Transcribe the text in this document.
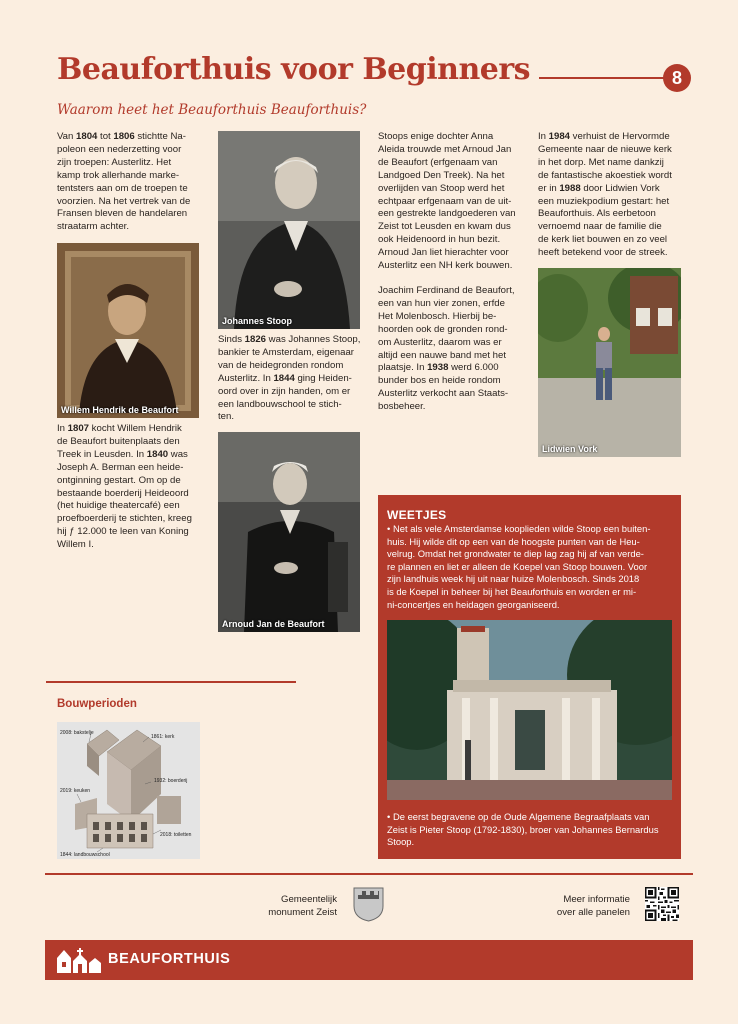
Beauforthuis voor Beginners	8
Waarom heet het Beauforthuis Beauforthuis?
Van 1804 tot 1806 stichtte Na-
poleon een nederzetting voor
zijn troepen: Austerlitz. Het
kamp trok allerhande marke-
tentsters aan om de troepen te
voorzien. Na het vertrek van de
Fransen bleven de handelaren
straatarm achter.
Willem Hendrik de Beaufort
In 1807 kocht Willem Hendrik
de Beaufort buitenplaats den
Treek in Leusden. In 1840 was
Joseph A. Berman een heide-
ontginning gestart. Om op de
bestaande boerderij Heideoord
(het huidige theatercafé) een
proefboerderij te stichten, kreeg
hij ƒ 12.000 te leen van Koning
Willem I.
Johannes Stoop
Sinds 1826 was Johannes Stoop,
bankier te Amsterdam, eigenaar
van de heidegronden rondom
Austerlitz. In 1844 ging Heiden-
oord over in zijn handen, om er
een landbouwschool te stich-
ten.
Arnoud Jan de Beaufort
Stoops enige dochter Anna
Aleida trouwde met Arnoud Jan
de Beaufort (erfgenaam van
Landgoed Den Treek). Na het
overlijden van Stoop werd het
echtpaar erfgenaam van de uit-
een gestrekte landgoederen van
Zeist tot Leusden en kwam dus
ook Heidenoord in hun bezit.
Arnoud Jan liet hierachter voor
Austerlitz een NH kerk bouwen.
Joachim Ferdinand de Beaufort,
een van hun vier zonen, erfde
Het Molenbosch. Hierbij be-
hoorden ook de gronden rond-
om Austerlitz, daarom was er
altijd een nauwe band met het
plaatsje. In 1938 werd 6.000
bunder bos en heide rondom
Austerlitz verkocht aan Staats-
bosbeheer.
In 1984 verhuist de Hervormde
Gemeente naar de nieuwe kerk
in het dorp. Met name dankzij
de fantastische akoestiek wordt
er in 1988 door Lidwien Vork
een muziekpodium gestart: het
Beauforthuis. Als eerbetoon
vernoemd naar de familie die
de kerk liet bouwen en zo veel
heeft betekend voor de streek.
Lidwien Vork
WEETJES
• Net als vele Amsterdamse kooplieden wilde Stoop een buiten-
huis. Hij wilde dit op een van de hoogste punten van de Heu-
velrug. Omdat het grondwater te diep lag zag hij af van verde-
re plannen en liet er alleen de Koepel van Stoop bouwen. Voor
zijn landhuis week hij uit naar huize Molenbosch. Sinds 2018
is de Koepel in beheer bij het Beauforthuis en worden er mi-
ni-concertjes en heidagen georganiseerd.
• De eerst begravene op de Oude Algemene Begraafplaats van
Zeist is Pieter Stoop (1792-1830), broer van Johannes Bernardus
Stoop.
Bouwperioden
2008: bakstelje
1861: kerk
1932: boerderij
2019: keuken
2018: toiletten
1844: landbouwschool
Gemeentelijk
monument Zeist
Meer informatie
over alle panelen
BEAUFORTHUIS
